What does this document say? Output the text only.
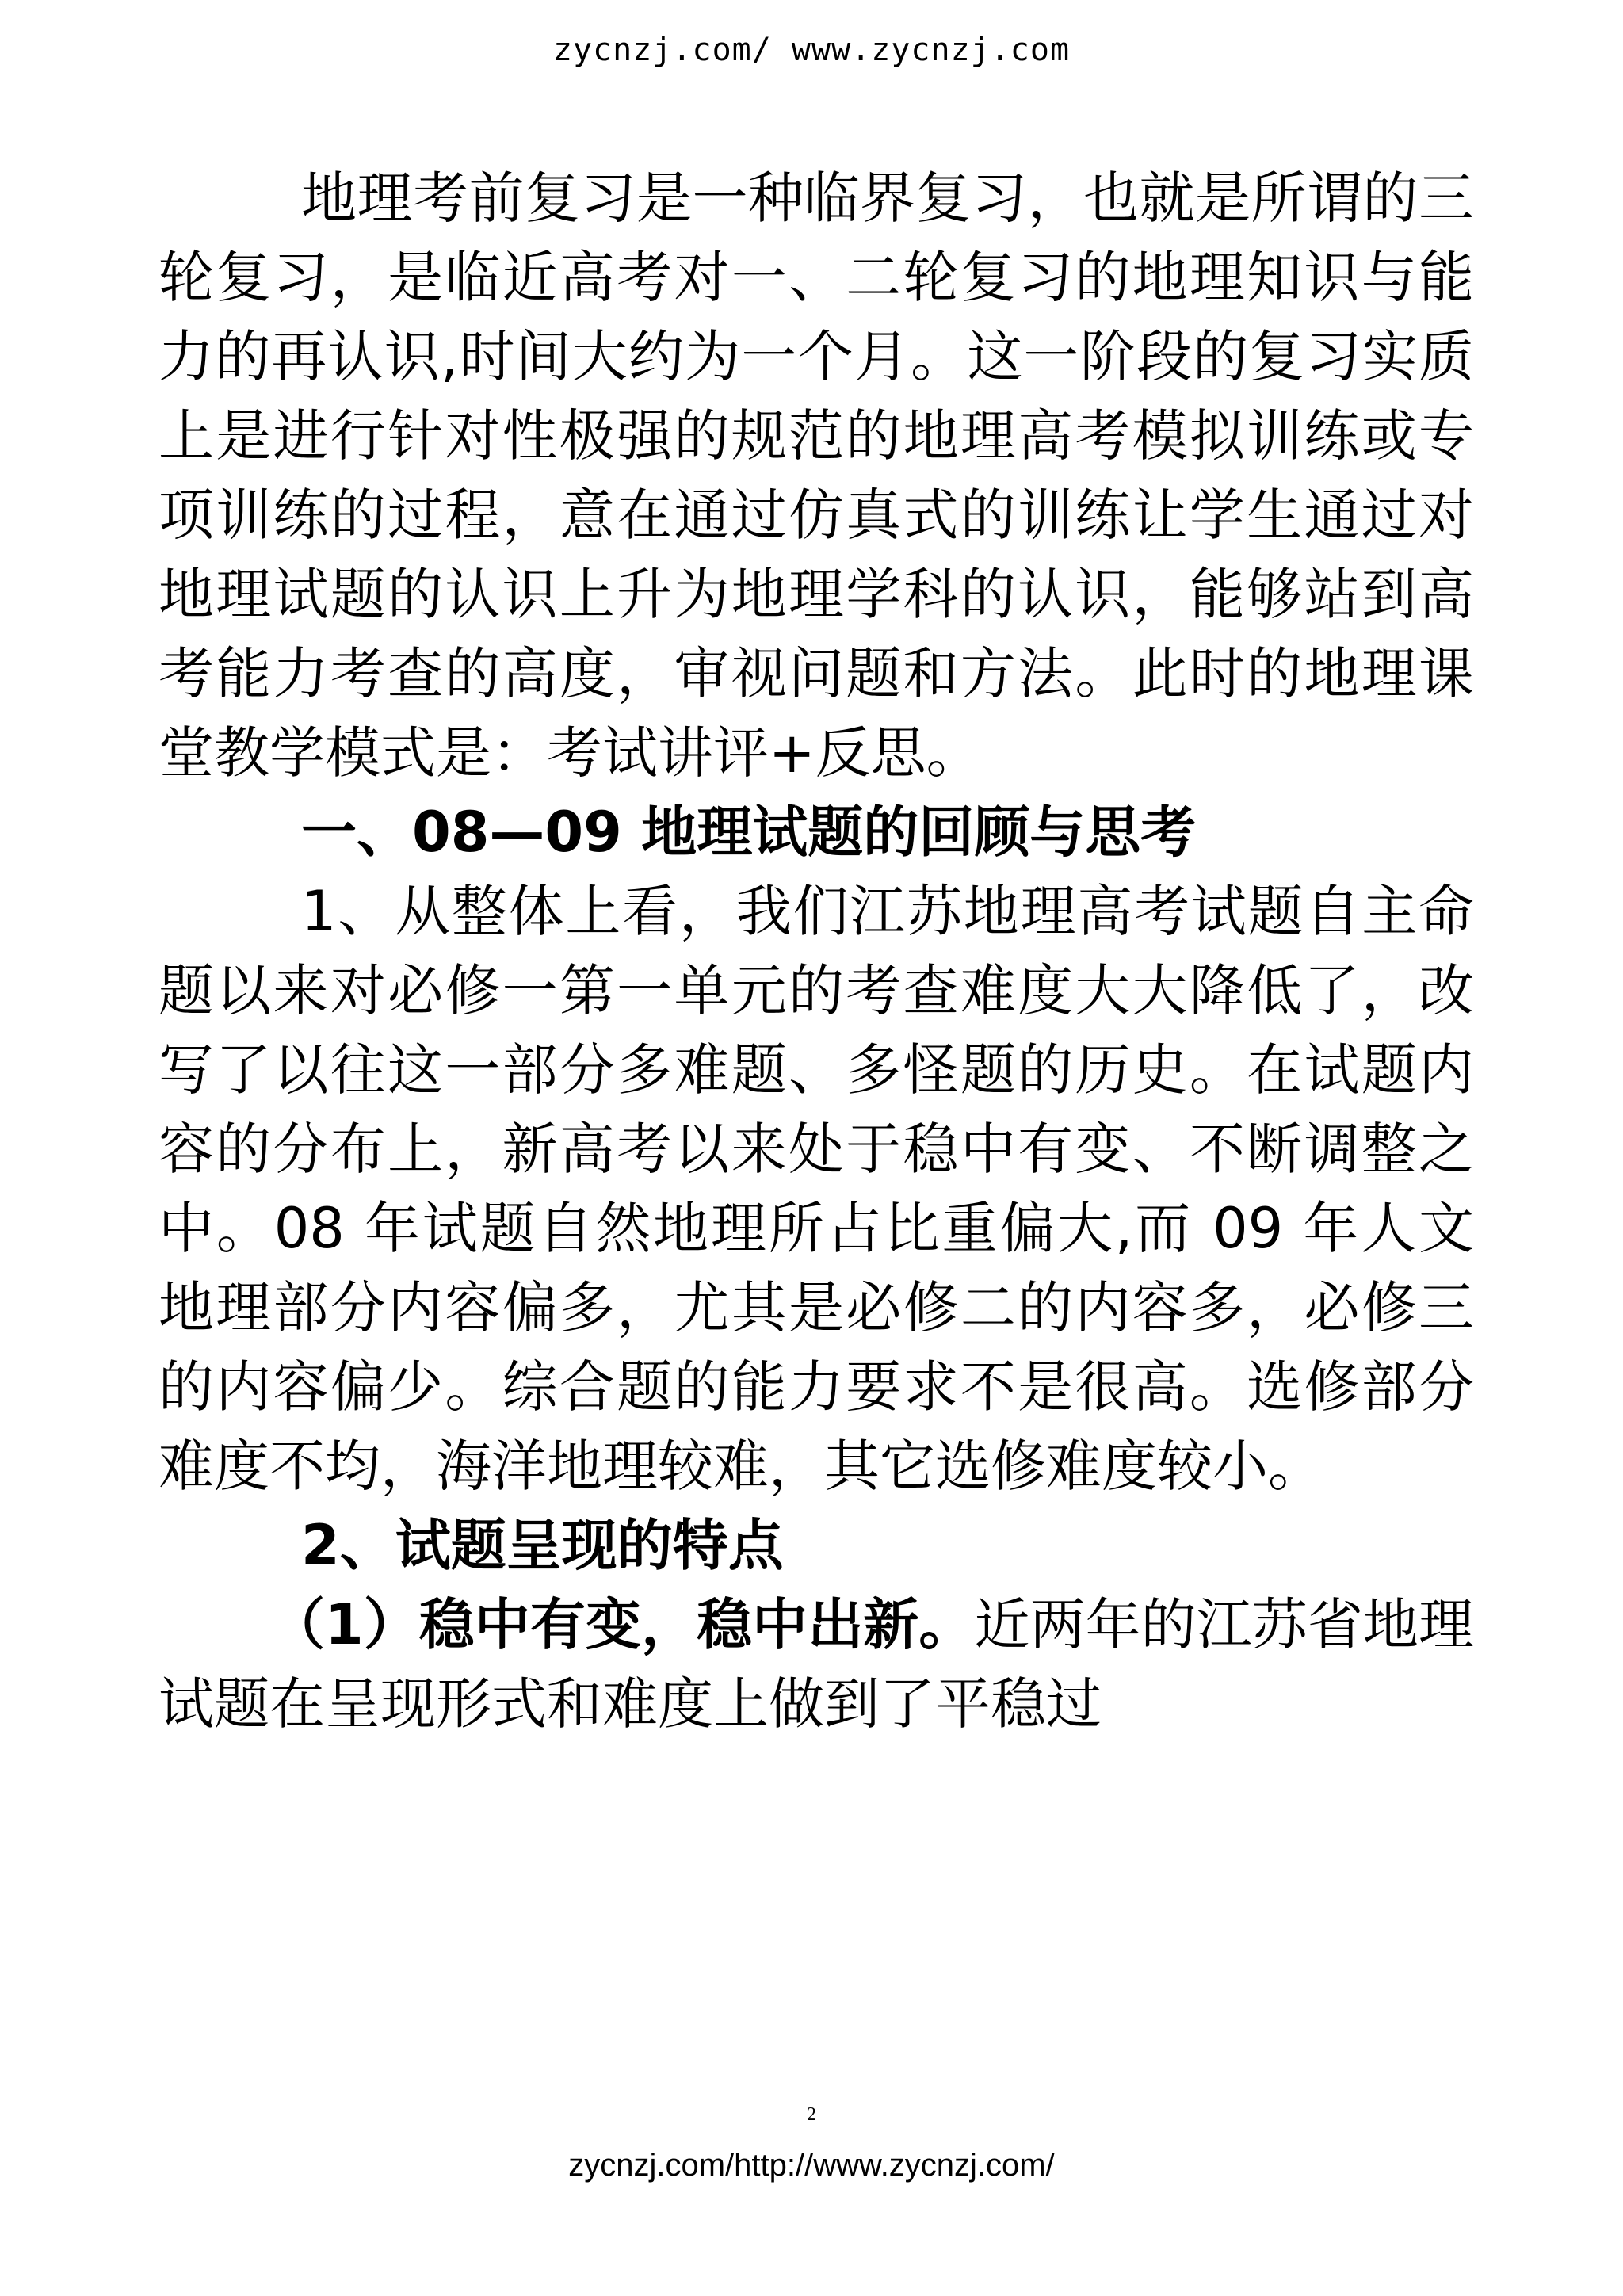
zycnzj.com/ www.zycnzj.com

地理考前复习是一种临界复习，也就是所谓的三轮复习，是临近高考对一、二轮复习的地理知识与能力的再认识,时间大约为一个月。这一阶段的复习实质上是进行针对性极强的规范的地理高考模拟训练或专项训练的过程，意在通过仿真式的训练让学生通过对地理试题的认识上升为地理学科的认识，能够站到高考能力考查的高度，审视问题和方法。此时的地理课堂教学模式是：考试讲评+反思。

一、08—09 地理试题的回顾与思考

1、从整体上看，我们江苏地理高考试题自主命题以来对必修一第一单元的考查难度大大降低了，改写了以往这一部分多难题、多怪题的历史。在试题内容的分布上，新高考以来处于稳中有变、不断调整之中。08 年试题自然地理所占比重偏大,而 09 年人文地理部分内容偏多，尤其是必修二的内容多，必修三的内容偏少。综合题的能力要求不是很高。选修部分难度不均，海洋地理较难，其它选修难度较小。

2、试题呈现的特点

（1）稳中有变，稳中出新。近两年的江苏省地理试题在呈现形式和难度上做到了平稳过

2
zycnzj.com/http://www.zycnzj.com/
